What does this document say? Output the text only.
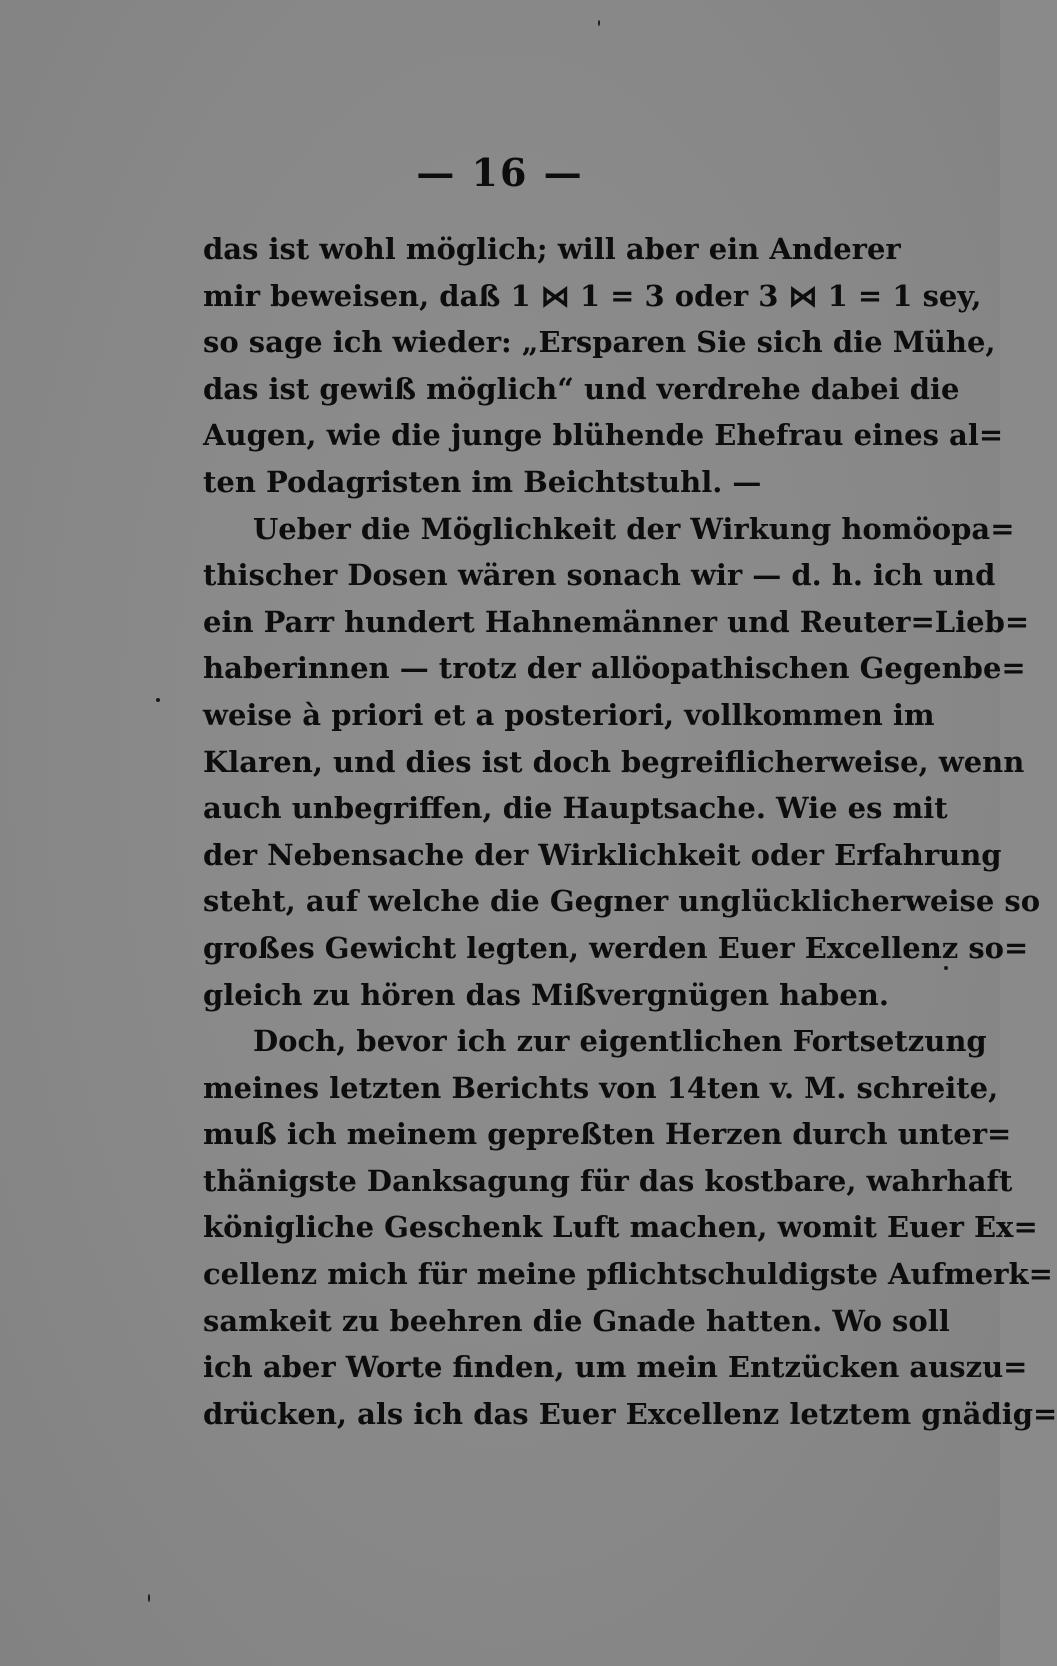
— 16 —
das ist wohl möglich; will aber ein Anderer
mir beweisen, daß 1 ⋈ 1 = 3 oder 3 ⋈ 1 = 1 sey,
so sage ich wieder: „Ersparen Sie sich die Mühe,
das ist gewiß möglich“ und verdrehe dabei die
Augen, wie die junge blühende Ehefrau eines al=
ten Podagristen im Beichtstuhl. —
Ueber die Möglichkeit der Wirkung homöopa=
thischer Dosen wären sonach wir — d. h. ich und
ein Parr hundert Hahnemänner und Reuter=Lieb=
haberinnen — trotz der allöopathischen Gegenbe=
weise à priori et a posteriori, vollkommen im
Klaren, und dies ist doch begreiflicherweise, wenn
auch unbegriffen, die Hauptsache. Wie es mit
der Nebensache der Wirklichkeit oder Erfahrung
steht, auf welche die Gegner unglücklicherweise so
großes Gewicht legten, werden Euer Excellenz so=
gleich zu hören das Mißvergnügen haben.
Doch, bevor ich zur eigentlichen Fortsetzung
meines letzten Berichts von 14ten v. M. schreite,
muß ich meinem gepreßten Herzen durch unter=
thänigste Danksagung für das kostbare, wahrhaft
königliche Geschenk Luft machen, womit Euer Ex=
cellenz mich für meine pflichtschuldigste Aufmerk=
samkeit zu beehren die Gnade hatten. Wo soll
ich aber Worte finden, um mein Entzücken auszu=
drücken, als ich das Euer Excellenz letztem gnädig=
